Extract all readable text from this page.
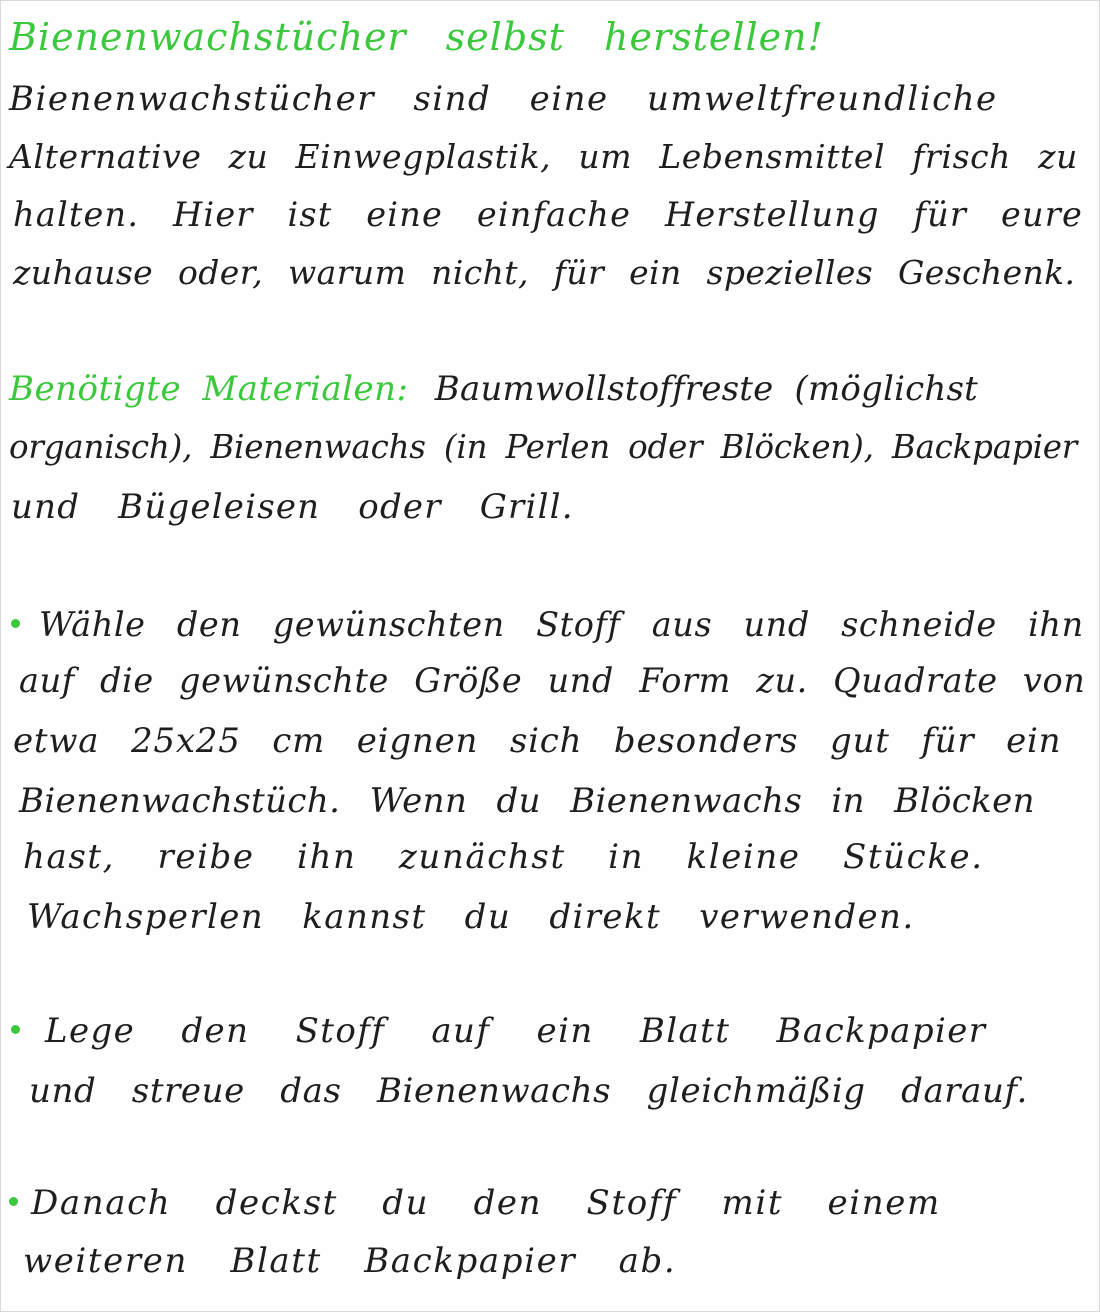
Bienenwachstücher selbst herstellen!
Bienenwachstücher sind eine umweltfreundliche
Alternative zu Einwegplastik, um Lebensmittel frisch zu
halten. Hier ist eine einfache Herstellung für eure
zuhause oder, warum nicht, für ein spezielles Geschenk.
Benötigte Materialen: Baumwollstoffreste (möglichst
organisch), Bienenwachs (in Perlen oder Blöcken), Backpapier
und Bügeleisen oder Grill.
Wähle den gewünschten Stoff aus und schneide ihn
auf die gewünschte Größe und Form zu. Quadrate von
etwa 25x25 cm eignen sich besonders gut für ein
Bienenwachstüch. Wenn du Bienenwachs in Blöcken
hast, reibe ihn zunächst in kleine Stücke.
Wachsperlen kannst du direkt verwenden.
Lege den Stoff auf ein Blatt Backpapier
und streue das Bienenwachs gleichmäßig darauf.
Danach deckst du den Stoff mit einem
weiteren Blatt Backpapier ab.
